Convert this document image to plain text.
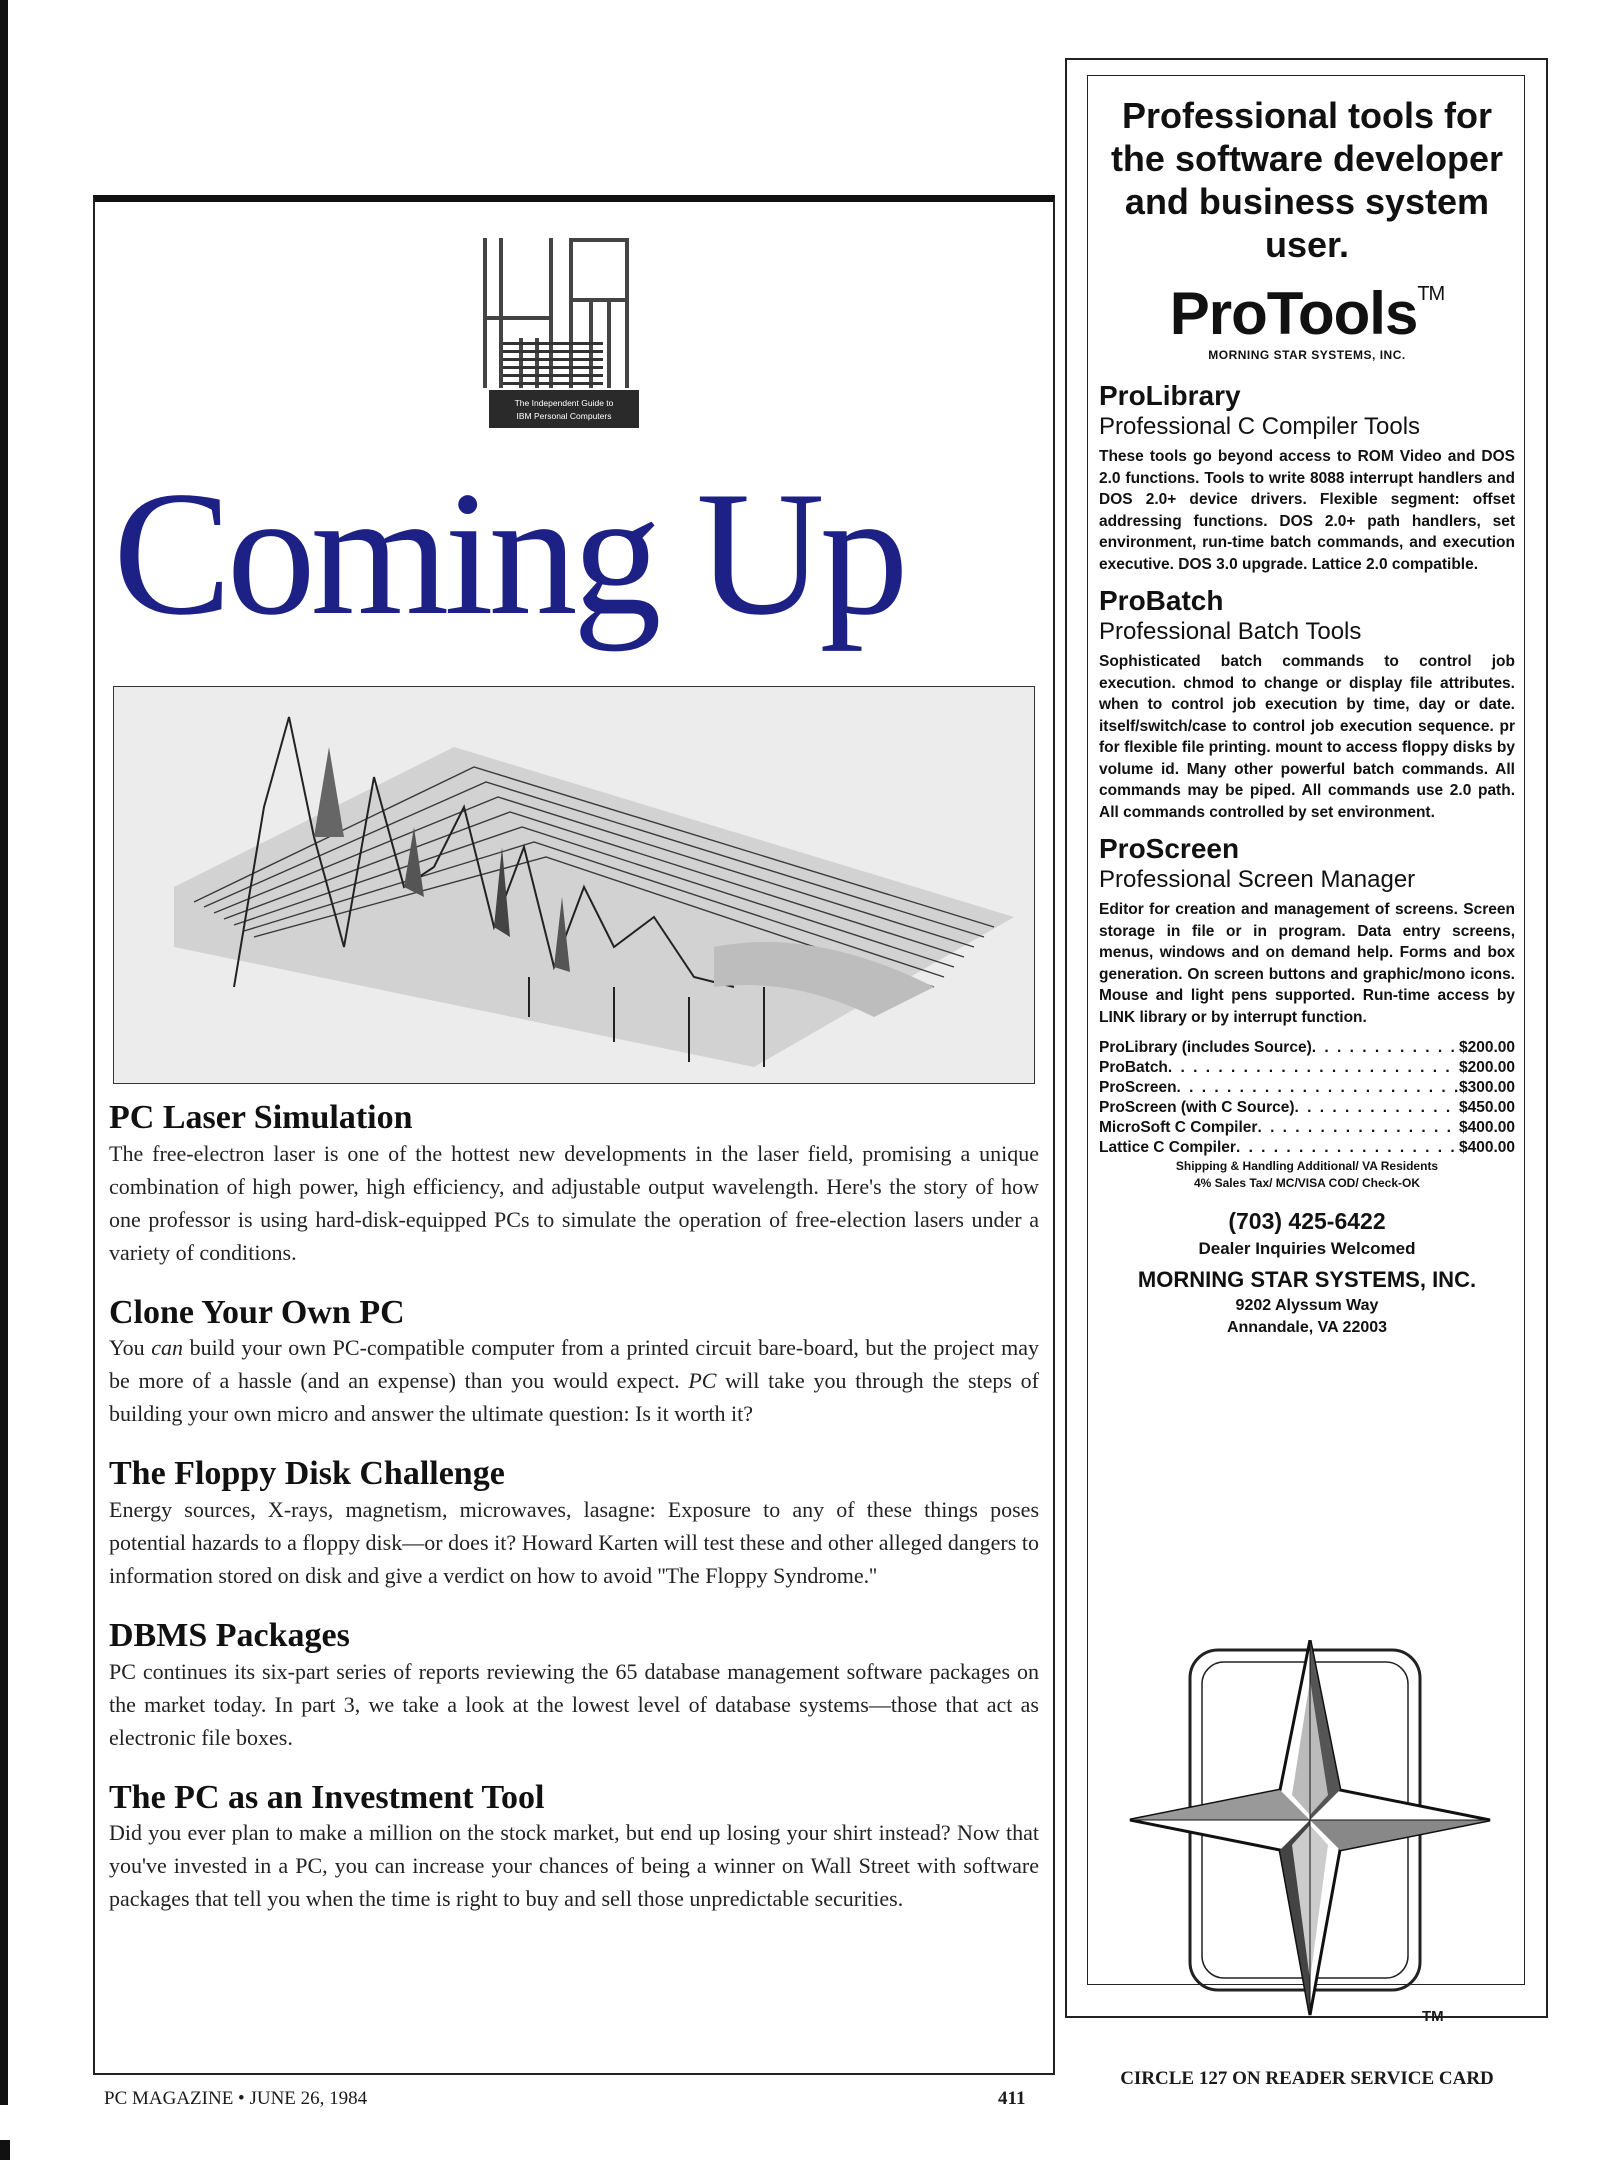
The Independent Guide to
IBM Personal Computers
Coming Up
PC Laser Simulation

The free-electron laser is one of the hottest new developments in the laser field, promising a unique combination of high power, high efficiency, and adjustable output wavelength. Here's the story of how one professor is using hard-disk-equipped PCs to simulate the operation of free-election lasers under a variety of conditions.

Clone Your Own PC

You can build your own PC-compatible computer from a printed circuit bare-board, but the project may be more of a hassle (and an expense) than you would expect. PC will take you through the steps of building your own micro and answer the ultimate question: Is it worth it?

The Floppy Disk Challenge

Energy sources, X-rays, magnetism, microwaves, lasagne: Exposure to any of these things poses potential hazards to a floppy disk—or does it? Howard Karten will test these and other alleged dangers to information stored on disk and give a verdict on how to avoid ''The Floppy Syndrome.''

DBMS Packages

PC continues its six-part series of reports reviewing the 65 database management software packages on the market today. In part 3, we take a look at the lowest level of database systems—those that act as electronic file boxes.

The PC as an Investment Tool

Did you ever plan to make a million on the stock market, but end up losing your shirt instead? Now that you've invested in a PC, you can increase your chances of being a winner on Wall Street with software packages that tell you when the time is right to buy and sell those unpredictable securities.

PC MAGAZINE • JUNE 26, 1984	411

Professional tools for the software developer and business system user.

ProTools™

MORNING STAR SYSTEMS, INC.

ProLibrary

Professional C Compiler Tools

These tools go beyond access to ROM Video and DOS 2.0 functions. Tools to write 8088 interrupt handlers and DOS 2.0+ device drivers. Flexible segment: offset addressing functions. DOS 2.0+ path handlers, set environment, run-time batch commands, and execution executive. DOS 3.0 upgrade. Lattice 2.0 compatible.

ProBatch

Professional Batch Tools

Sophisticated batch commands to control job execution. chmod to change or display file attributes. when to control job execution by time, day or date. itself/switch/case to control job execution sequence. pr for flexible file printing. mount to access floppy disks by volume id. Many other powerful batch commands. All commands may be piped. All commands use 2.0 path. All commands controlled by set environment.

ProScreen

Professional Screen Manager

Editor for creation and management of screens. Screen storage in file or in program. Data entry screens, menus, windows and on demand help. Forms and box generation. On screen buttons and graphic/mono icons. Mouse and light pens supported. Run-time access by LINK library or by interrupt function.

ProLibrary (includes Source) . . .	$200.00
ProBatch . . .	$200.00
ProScreen . . .	$300.00
ProScreen (with C Source) . . .	$450.00
MicroSoft C Compiler . . .	$400.00
Lattice C Compiler . . .	$400.00
Shipping & Handling Additional/ VA Residents
4% Sales Tax/ MC/VISA COD/ Check-OK

(703) 425-6422

Dealer Inquiries Welcomed

MORNING STAR SYSTEMS, INC.

9202 Alyssum Way
Annandale, VA 22003
TM
CIRCLE 127 ON READER SERVICE CARD
